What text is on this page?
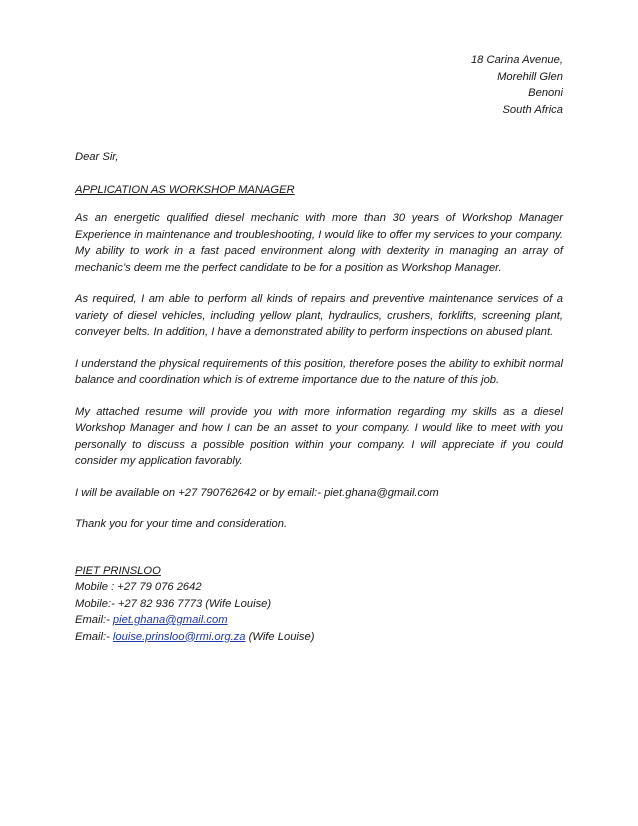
18 Carina Avenue,
Morehill Glen
Benoni
South Africa
Dear Sir,
APPLICATION AS WORKSHOP MANAGER
As an energetic qualified diesel mechanic with more than 30 years of Workshop Manager Experience in maintenance and troubleshooting, I would like to offer my services to your company. My ability to work in a fast paced environment along with dexterity in managing an array of mechanic’s deem me the perfect candidate to be for a position as Workshop Manager.
As required, I am able to perform all kinds of repairs and preventive maintenance services of a variety of diesel vehicles, including yellow plant, hydraulics, crushers, forklifts, screening plant, conveyer belts. In addition, I have a demonstrated ability to perform inspections on abused plant.
I understand the physical requirements of this position, therefore poses the ability to exhibit normal balance and coordination which is of extreme importance due to the nature of this job.
My attached resume will provide you with more information regarding my skills as a diesel Workshop Manager and how I can be an asset to your company. I would like to meet with you personally to discuss a possible position within your company. I will appreciate if you could consider my application favorably.
I will be available on +27 790762642 or by email:- piet.ghana@gmail.com
Thank you for your time and consideration.
PIET PRINSLOO
Mobile : +27 79 076 2642
Mobile:- +27 82 936 7773 (Wife Louise)
Email:- piet.ghana@gmail.com
Email:- louise.prinsloo@rmi.org.za (Wife Louise)
